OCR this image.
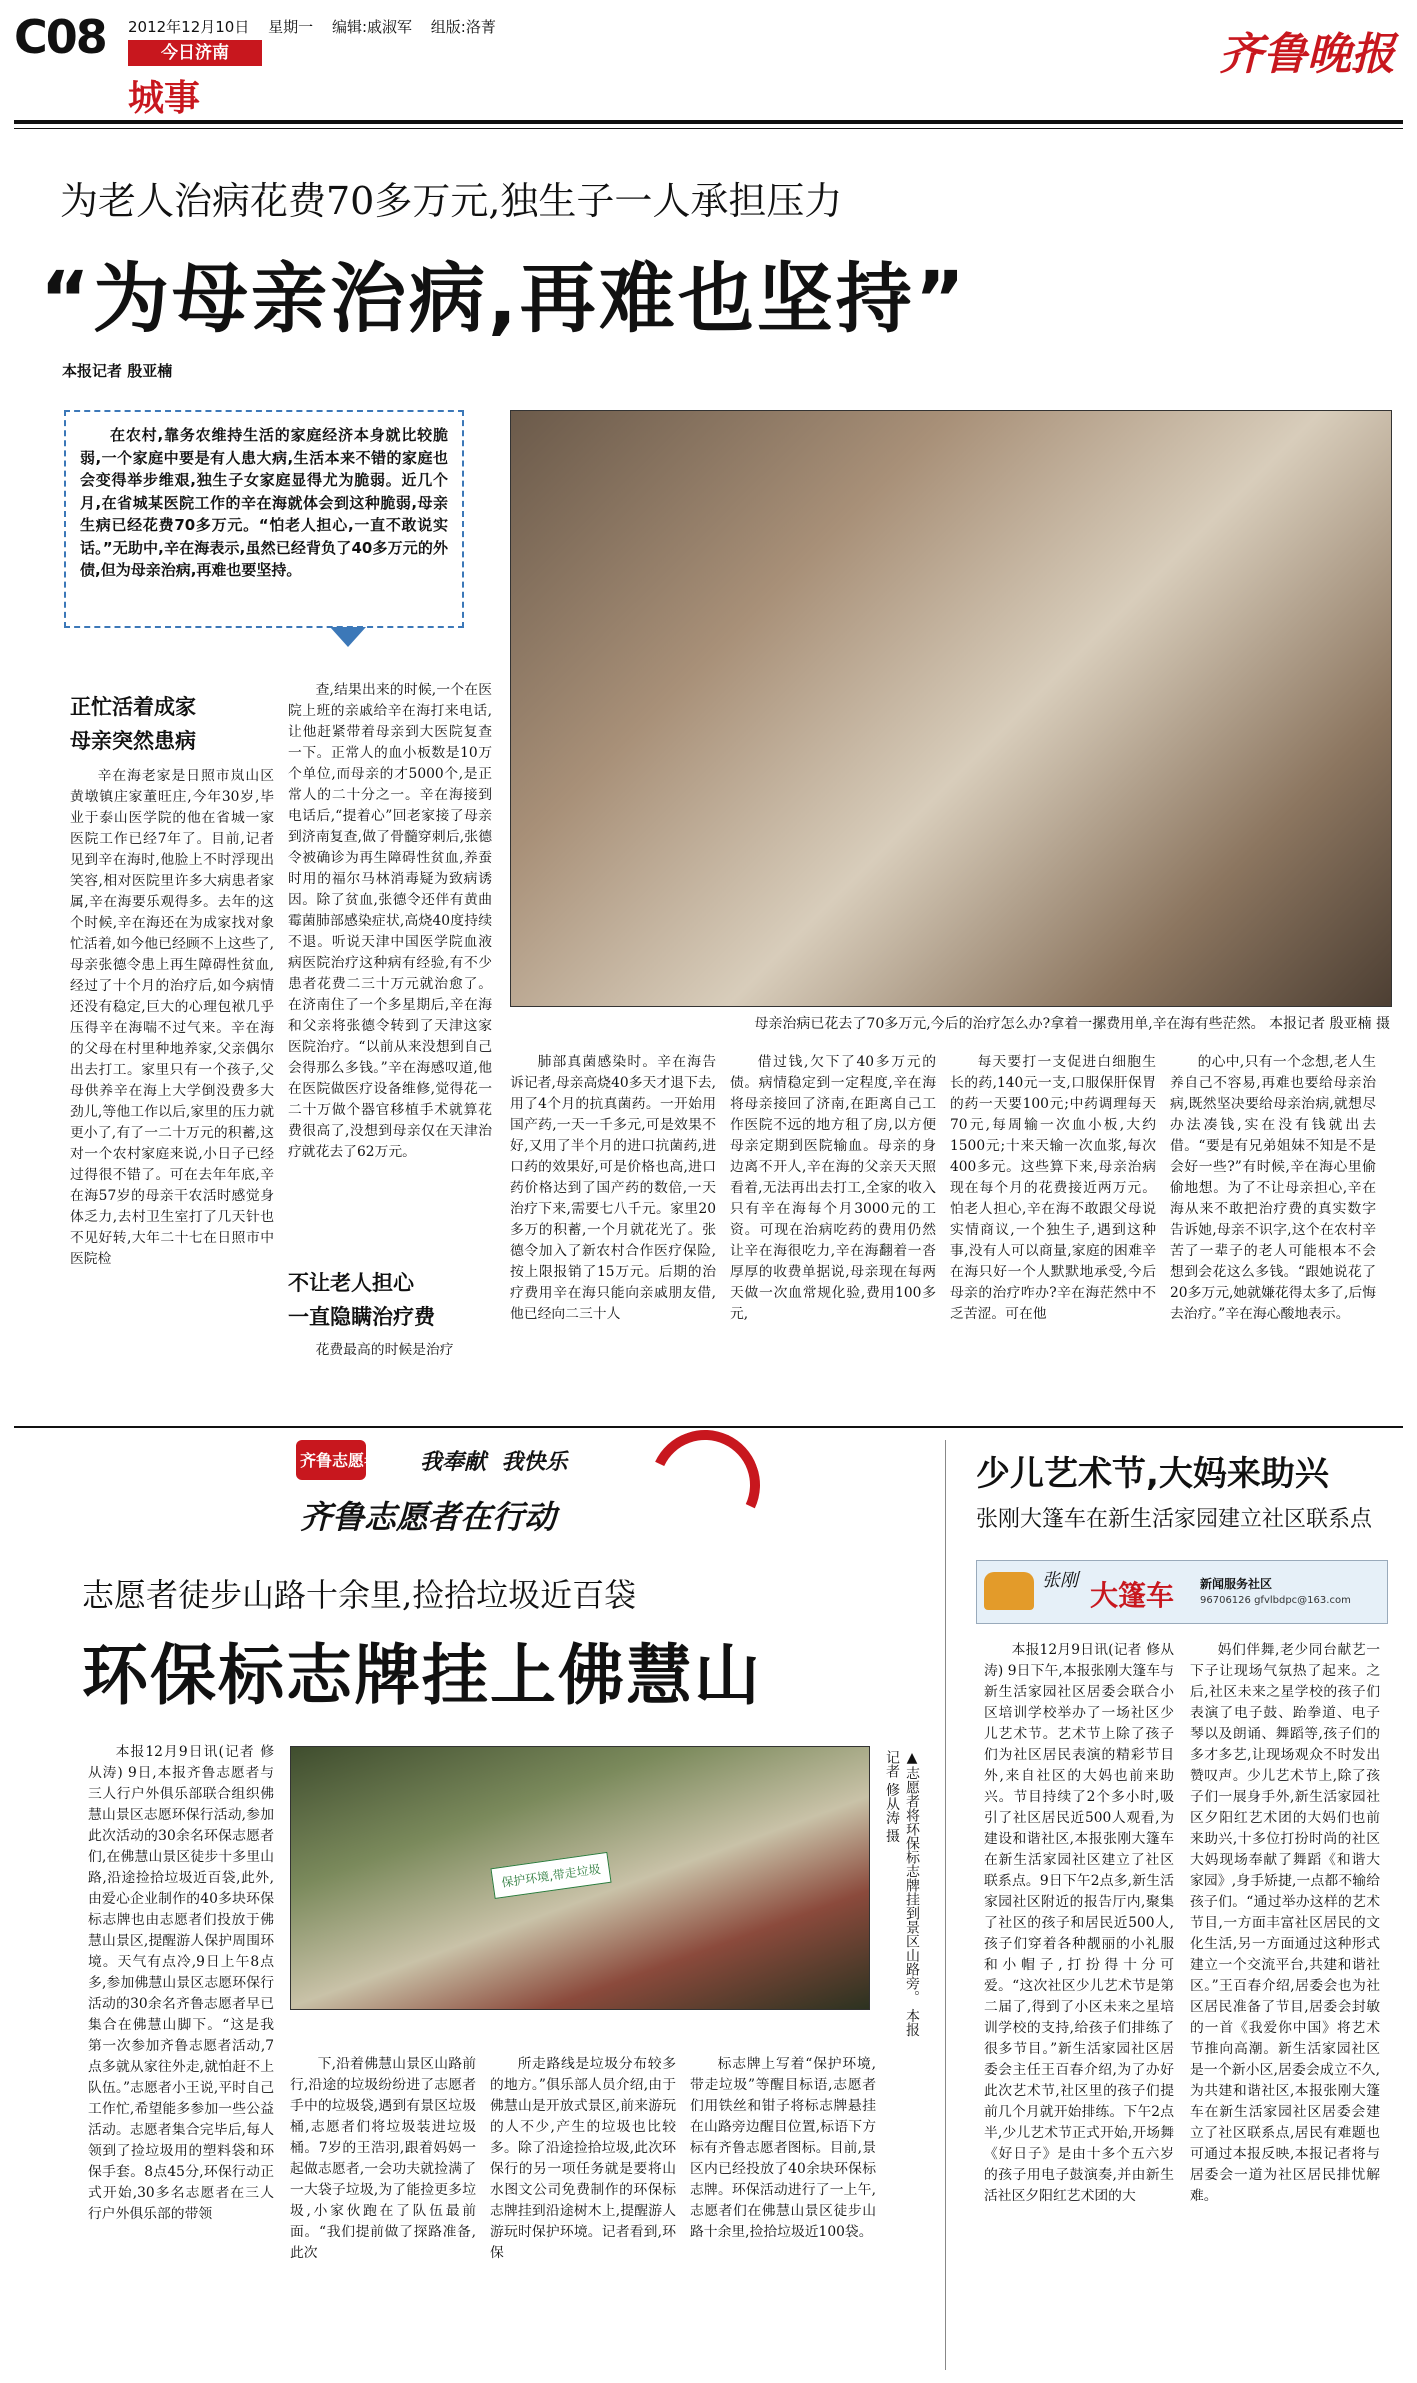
C08 2012年12月10日 星期一 编辑:戚淑军 组版:洛菁
今日济南
城事
齐鲁晚报
为老人治病花费70多万元,独生子一人承担压力
“为母亲治病,再难也坚持”
本报记者 殷亚楠
在农村,靠务农维持生活的家庭经济本身就比较脆弱,一个家庭中要是有人患大病,生活本来不错的家庭也会变得举步维艰,独生子女家庭显得尤为脆弱。近几个月,在省城某医院工作的辛在海就体会到这种脆弱,母亲生病已经花费70多万元。“怕老人担心,一直不敢说实话。”无助中,辛在海表示,虽然已经背负了40多万元的外债,但为母亲治病,再难也要坚持。
母亲治病已花去了70多万元,今后的治疗怎么办?拿着一摞费用单,辛在海有些茫然。 本报记者 殷亚楠 摄
正忙活着成家
母亲突然患病
辛在海老家是日照市岚山区黄墩镇庄家董旺庄,今年30岁,毕业于泰山医学院的他在省城一家医院工作已经7年了。目前,记者见到辛在海时,他脸上不时浮现出笑容,相对医院里许多大病患者家属,辛在海要乐观得多。去年的这个时候,辛在海还在为成家找对象忙活着,如今他已经顾不上这些了,母亲张德令患上再生障碍性贫血,经过了十个月的治疗后,如今病情还没有稳定,巨大的心理包袱几乎压得辛在海喘不过气来。辛在海的父母在村里种地养家,父亲偶尔出去打工。家里只有一个孩子,父母供养辛在海上大学倒没费多大劲儿,等他工作以后,家里的压力就更小了,有了一二十万元的积蓄,这对一个农村家庭来说,小日子已经过得很不错了。可在去年年底,辛在海57岁的母亲干农活时感觉身体乏力,去村卫生室打了几天针也不见好转,大年二十七在日照市中医院检
查,结果出来的时候,一个在医院上班的亲戚给辛在海打来电话,让他赶紧带着母亲到大医院复查一下。正常人的血小板数是10万个单位,而母亲的才5000个,是正常人的二十分之一。辛在海接到电话后,“提着心”回老家接了母亲到济南复查,做了骨髓穿刺后,张德令被确诊为再生障碍性贫血,养蚕时用的福尔马林消毒疑为致病诱因。除了贫血,张德令还伴有黄曲霉菌肺部感染症状,高烧40度持续不退。听说天津中国医学院血液病医院治疗这种病有经验,有不少患者花费二三十万元就治愈了。在济南住了一个多星期后,辛在海和父亲将张德令转到了天津这家医院治疗。“以前从来没想到自己会得那么多钱。”辛在海感叹道,他在医院做医疗设备维修,觉得花一二十万做个器官移植手术就算花费很高了,没想到母亲仅在天津治疗就花去了62万元。
不让老人担心
一直隐瞒治疗费
花费最高的时候是治疗
肺部真菌感染时。辛在海告诉记者,母亲高烧40多天才退下去,用了4个月的抗真菌药。一开始用国产药,一天一千多元,可是效果不好,又用了半个月的进口抗菌药,进口药的效果好,可是价格也高,进口药价格达到了国产药的数倍,一天治疗下来,需要七八千元。家里20多万的积蓄,一个月就花光了。张德令加入了新农村合作医疗保险,按上限报销了15万元。后期的治疗费用辛在海只能向亲戚朋友借,他已经向二三十人
借过钱,欠下了40多万元的债。病情稳定到一定程度,辛在海将母亲接回了济南,在距离自己工作医院不远的地方租了房,以方便母亲定期到医院输血。母亲的身边离不开人,辛在海的父亲天天照看着,无法再出去打工,全家的收入只有辛在海每个月3000元的工资。可现在治病吃药的费用仍然让辛在海很吃力,辛在海翻着一沓厚厚的收费单据说,母亲现在每两天做一次血常规化验,费用100多元,
每天要打一支促进白细胞生长的药,140元一支,口服保肝保胃的药一天要100元;中药调理每天70元,每周输一次血小板,大约1500元;十来天输一次血浆,每次400多元。这些算下来,母亲治病现在每个月的花费接近两万元。怕老人担心,辛在海不敢跟父母说实情商议,一个独生子,遇到这种事,没有人可以商量,家庭的困难辛在海只好一个人默默地承受,今后母亲的治疗咋办?辛在海茫然中不乏苦涩。可在他
的心中,只有一个念想,老人生养自己不容易,再难也要给母亲治病,既然坚决要给母亲治病,就想尽办法凑钱,实在没有钱就出去借。“要是有兄弟姐妹不知是不是会好一些?”有时候,辛在海心里偷偷地想。为了不让母亲担心,辛在海从来不敢把治疗费的真实数字告诉她,母亲不识字,这个在农村辛苦了一辈子的老人可能根本不会想到会花这么多钱。“跟她说花了20多万元,她就嫌花得太多了,后悔去治疗。”辛在海心酸地表示。
齐鲁志愿者 我奉献  我快乐
齐鲁志愿者在行动
志愿者徒步山路十余里,捡拾垃圾近百袋
环保标志牌挂上佛慧山
本报12月9日讯(记者 修从涛) 9日,本报齐鲁志愿者与三人行户外俱乐部联合组织佛慧山景区志愿环保行活动,参加此次活动的30余名环保志愿者们,在佛慧山景区徒步十多里山路,沿途捡拾垃圾近百袋,此外,由爱心企业制作的40多块环保标志牌也由志愿者们投放于佛慧山景区,提醒游人保护周围环境。天气有点冷,9日上午8点多,参加佛慧山景区志愿环保行活动的30余名齐鲁志愿者早已集合在佛慧山脚下。“这是我第一次参加齐鲁志愿者活动,7点多就从家往外走,就怕赶不上队伍。”志愿者小王说,平时自己工作忙,希望能多参加一些公益活动。志愿者集合完毕后,每人领到了捡垃圾用的塑料袋和环保手套。8点45分,环保行动正式开始,30多名志愿者在三人行户外俱乐部的带领
保护环境,带走垃圾	▲志愿者将环保标志牌挂到景区山路旁。 本报记者 修从涛 摄
下,沿着佛慧山景区山路前行,沿途的垃圾纷纷进了志愿者手中的垃圾袋,遇到有景区垃圾桶,志愿者们将垃圾装进垃圾桶。7岁的王浩羽,跟着妈妈一起做志愿者,一会功夫就捡满了一大袋子垃圾,为了能捡更多垃圾,小家伙跑在了队伍最前面。“我们提前做了探路准备,此次
所走路线是垃圾分布较多的地方。”俱乐部人员介绍,由于佛慧山是开放式景区,前来游玩的人不少,产生的垃圾也比较多。除了沿途捡拾垃圾,此次环保行的另一项任务就是要将山水图文公司免费制作的环保标志牌挂到沿途树木上,提醒游人游玩时保护环境。记者看到,环保
标志牌上写着“保护环境,带走垃圾”等醒目标语,志愿者们用铁丝和钳子将标志牌悬挂在山路旁边醒目位置,标语下方标有齐鲁志愿者图标。目前,景区内已经投放了40余块环保标志牌。环保活动进行了一上午,志愿者们在佛慧山景区徒步山路十余里,捡拾垃圾近100袋。
少儿艺术节,大妈来助兴
张刚大篷车在新生活家园建立社区联系点
张刚 大篷车 新闻服务社区
96706126 gfvlbdpc@163.com
本报12月9日讯(记者 修从涛) 9日下午,本报张刚大篷车与新生活家园社区居委会联合小区培训学校举办了一场社区少儿艺术节。艺术节上除了孩子们为社区居民表演的精彩节目外,来自社区的大妈也前来助兴。节目持续了2个多小时,吸引了社区居民近500人观看,为建设和谐社区,本报张刚大篷车在新生活家园社区建立了社区联系点。9日下午2点多,新生活家园社区附近的报告厅内,聚集了社区的孩子和居民近500人,孩子们穿着各种靓丽的小礼服和小帽子,打扮得十分可爱。“这次社区少儿艺术节是第二届了,得到了小区未来之星培训学校的支持,给孩子们排练了很多节目。”新生活家园社区居委会主任王百春介绍,为了办好此次艺术节,社区里的孩子们提前几个月就开始排练。下午2点半,少儿艺术节正式开始,开场舞《好日子》是由十多个五六岁的孩子用电子鼓演奏,并由新生活社区夕阳红艺术团的大
妈们伴舞,老少同台献艺一下子让现场气氛热了起来。之后,社区未来之星学校的孩子们表演了电子鼓、跆拳道、电子琴以及朗诵、舞蹈等,孩子们的多才多艺,让现场观众不时发出赞叹声。少儿艺术节上,除了孩子们一展身手外,新生活家园社区夕阳红艺术团的大妈们也前来助兴,十多位打扮时尚的社区大妈现场奉献了舞蹈《和谐大家园》,身手矫捷,一点都不输给孩子们。“通过举办这样的艺术节目,一方面丰富社区居民的文化生活,另一方面通过这种形式建立一个交流平台,共建和谐社区。”王百春介绍,居委会也为社区居民准备了节目,居委会封敏的一首《我爱你中国》将艺术节推向高潮。新生活家园社区是一个新小区,居委会成立不久,为共建和谐社区,本报张刚大篷车在新生活家园社区居委会建立了社区联系点,居民有难题也可通过本报反映,本报记者将与居委会一道为社区居民排忧解难。
